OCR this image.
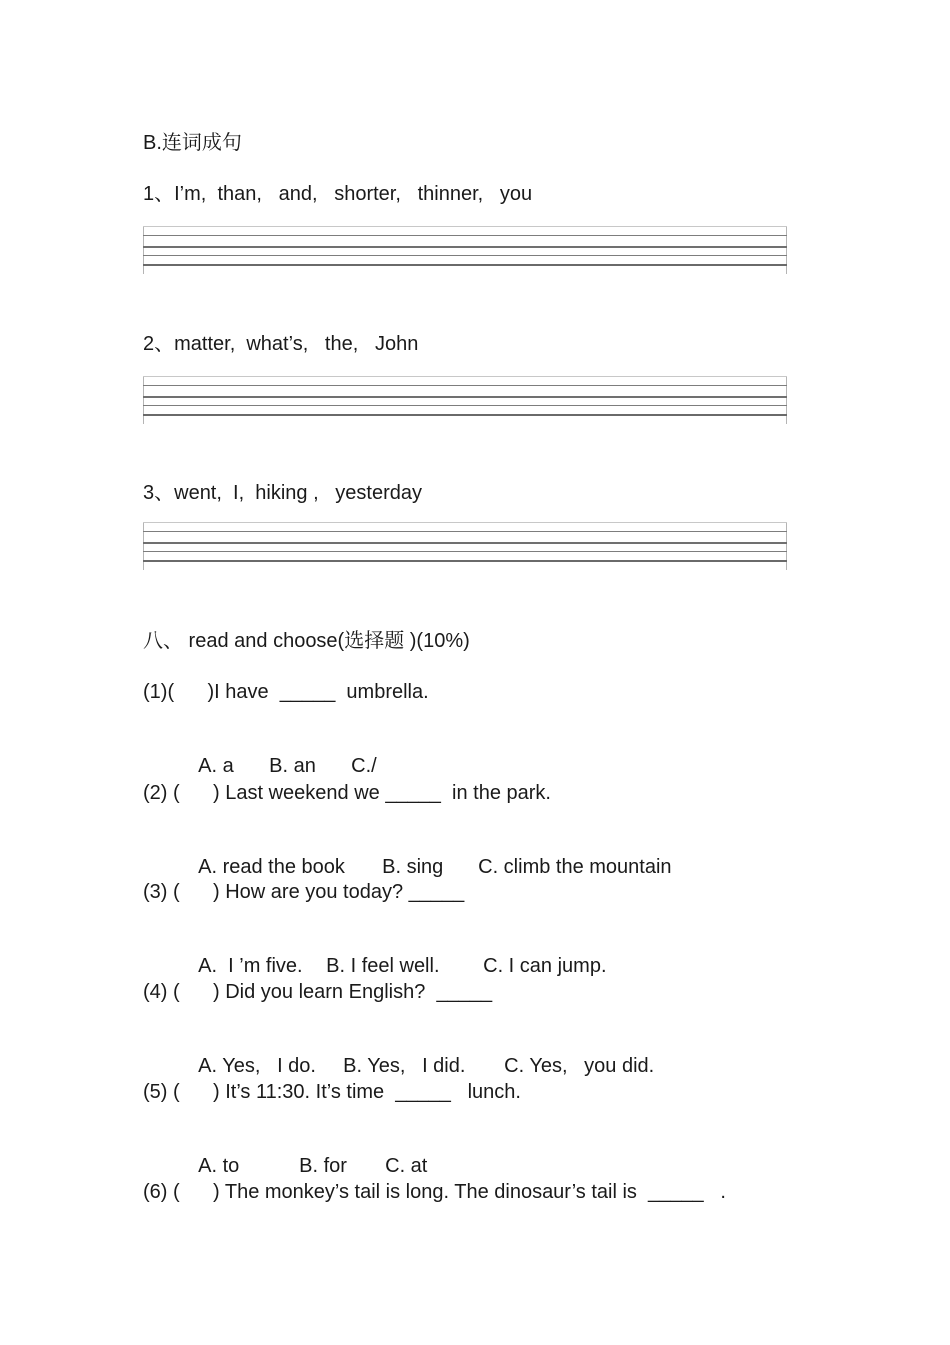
B.连词成句
1、I’m,  than,   and,   shorter,   thinner,   you
2、matter,  what’s,   the,   John
3、went,  I,  hiking ,   yesterday
八、 read and choose(选择题 )(10%)
(1)(      )I have  _____  umbrella.

A. a B. an C./

(2) (      ) Last weekend we _____  in the park.

A. read the book B. sing C. climb the mountain

(3) (      ) How are you today? _____

A.  I ’m five. B. I feel well. C. I can jump.

(4) (      ) Did you learn English?  _____

A. Yes,   I do. B. Yes,   I did. C. Yes,   you did.

(5) (      ) It’s 11:30. It’s time  _____   lunch.

A. to	B. for C. at

(6) (      ) The monkey’s tail is long. The dinosaur’s tail is  _____   .
